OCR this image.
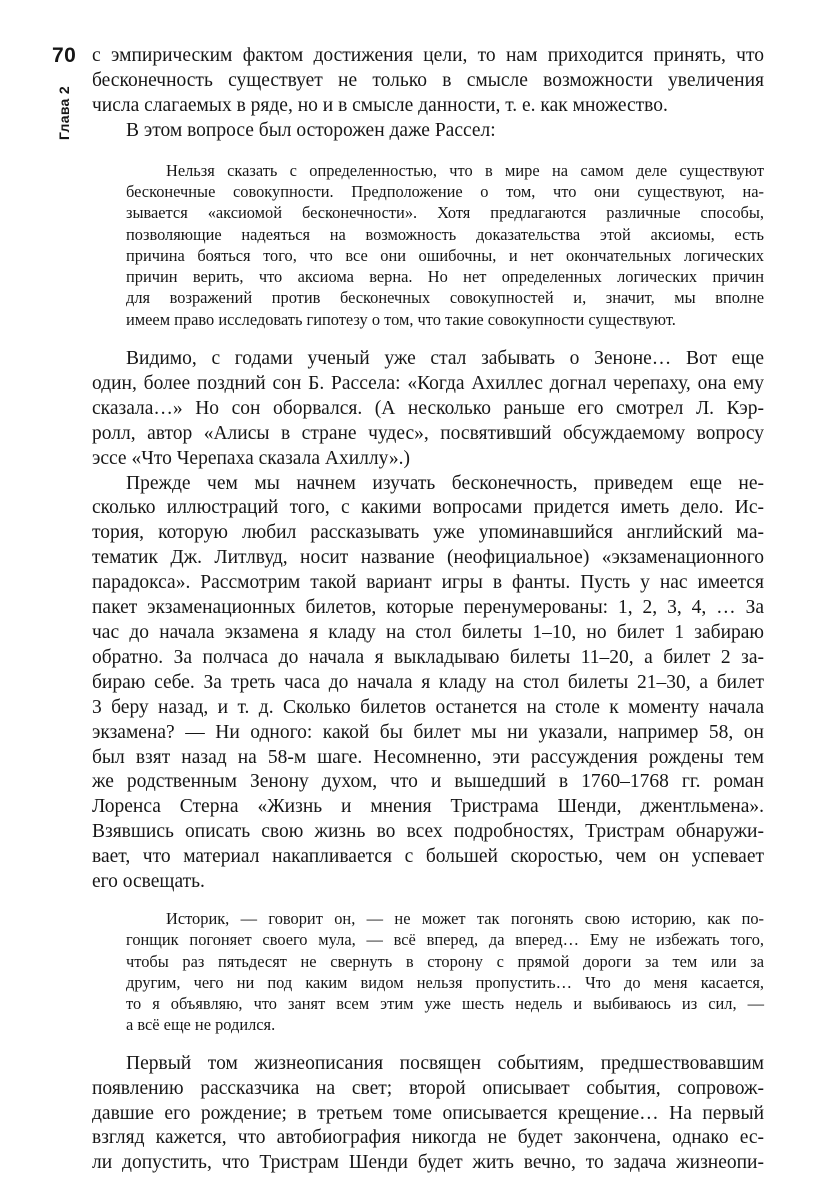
70
Глава 2
с эмпирическим фактом достижения цели, то нам приходится принять, что
бесконечность существует не только в смысле возможности увеличения
числа слагаемых в ряде, но и в смысле данности, т. е. как множество.
В этом вопросе был осторожен даже Рассел:
Нельзя сказать с определенностью, что в мире на самом деле существуют
бесконечные совокупности. Предположение о том, что они существуют, на-
зывается «аксиомой бесконечности». Хотя предлагаются различные способы,
позволяющие надеяться на возможность доказательства этой аксиомы, есть
причина бояться того, что все они ошибочны, и нет окончательных логических
причин верить, что аксиома верна. Но нет определенных логических причин
для возражений против бесконечных совокупностей и, значит, мы вполне
имеем право исследовать гипотезу о том, что такие совокупности существуют.
Видимо, с годами ученый уже стал забывать о Зеноне… Вот еще
один, более поздний сон Б. Рассела: «Когда Ахиллес догнал черепаху, она ему
сказала…» Но сон оборвался. (А несколько раньше его смотрел Л. Кэр-
ролл, автор «Алисы в стране чудес», посвятивший обсуждаемому вопросу
эссе «Что Черепаха сказала Ахиллу».)
Прежде чем мы начнем изучать бесконечность, приведем еще не-
сколько иллюстраций того, с какими вопросами придется иметь дело. Ис-
тория, которую любил рассказывать уже упоминавшийся английский ма-
тематик Дж. Литлвуд, носит название (неофициальное) «экзаменационного
парадокса». Рассмотрим такой вариант игры в фанты. Пусть у нас имеется
пакет экзаменационных билетов, которые перенумерованы: 1, 2, 3, 4, … За
час до начала экзамена я кладу на стол билеты 1–10, но билет 1 забираю
обратно. За полчаса до начала я выкладываю билеты 11–20, а билет 2 за-
бираю себе. За треть часа до начала я кладу на стол билеты 21–30, а билет
3 беру назад, и т. д. Сколько билетов останется на столе к моменту начала
экзамена? — Ни одного: какой бы билет мы ни указали, например 58, он
был взят назад на 58-м шаге. Несомненно, эти рассуждения рождены тем
же родственным Зенону духом, что и вышедший в 1760–1768 гг. роман
Лоренса Стерна «Жизнь и мнения Тристрама Шенди, джентльмена».
Взявшись описать свою жизнь во всех подробностях, Тристрам обнаружи-
вает, что материал накапливается с большей скоростью, чем он успевает
его освещать.
Историк, — говорит он, — не может так погонять свою историю, как по-
гонщик погоняет своего мула, — всё вперед, да вперед… Ему не избежать того,
чтобы раз пятьдесят не свернуть в сторону с прямой дороги за тем или за
другим, чего ни под каким видом нельзя пропустить… Что до меня касается,
то я объявляю, что занят всем этим уже шесть недель и выбиваюсь из сил, —
а всё еще не родился.
Первый том жизнеописания посвящен событиям, предшествовавшим
появлению рассказчика на свет; второй описывает события, сопровож-
давшие его рождение; в третьем томе описывается крещение… На первый
взгляд кажется, что автобиография никогда не будет закончена, однако ес-
ли допустить, что Тристрам Шенди будет жить вечно, то задача жизнеопи-
